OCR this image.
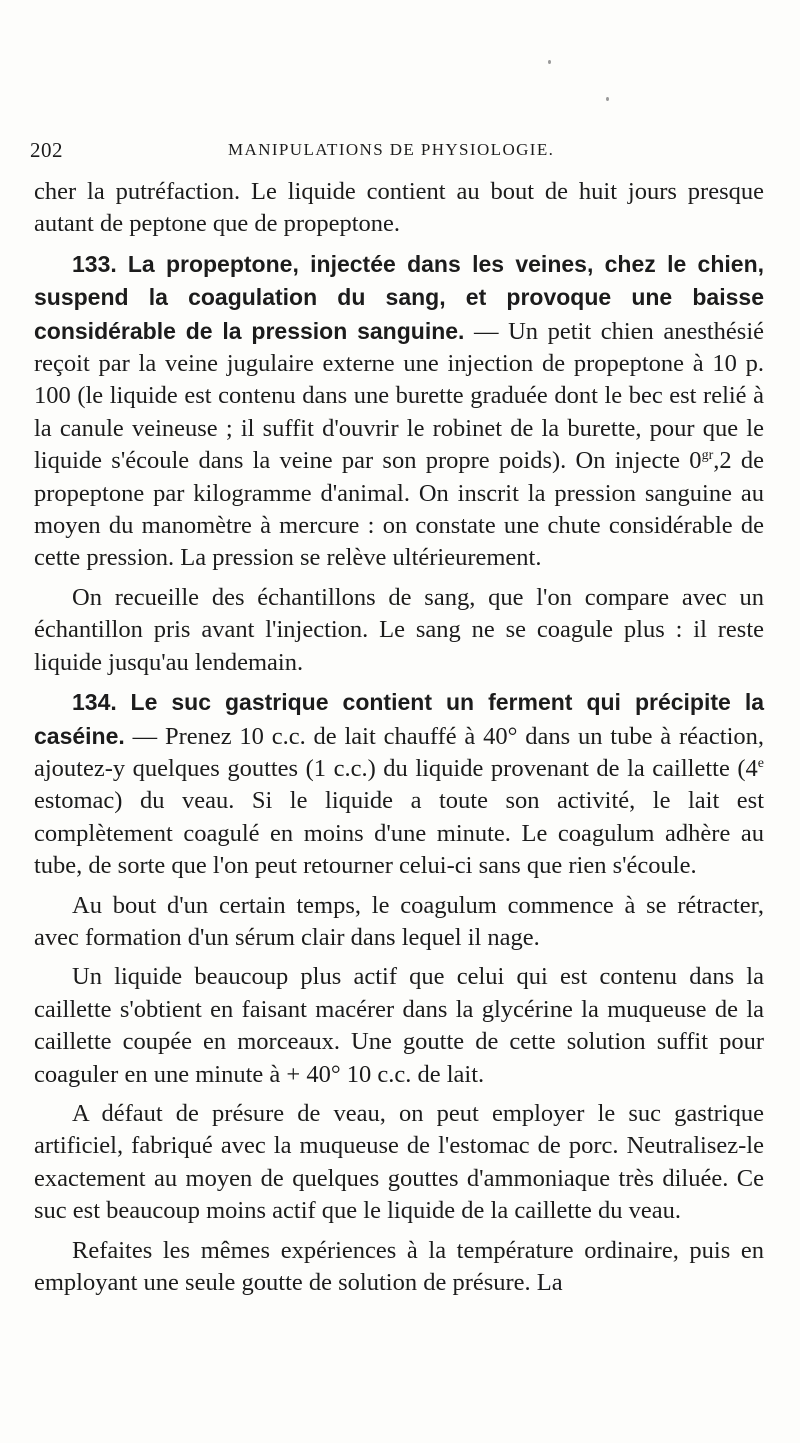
202	MANIPULATIONS DE PHYSIOLOGIE.

cher la putréfaction. Le liquide contient au bout de huit jours presque autant de peptone que de propeptone.

133. La propeptone, injectée dans les veines, chez le chien, suspend la coagulation du sang, et provoque une baisse considérable de la pression sanguine. — Un petit chien anesthésié reçoit par la veine jugulaire externe une injection de propeptone à 10 p. 100 (le liquide est contenu dans une burette graduée dont le bec est relié à la canule veineuse ; il suffit d'ouvrir le robinet de la burette, pour que le liquide s'écoule dans la veine par son propre poids). On injecte $0^{gr},2$ de propeptone par kilogramme d'animal. On inscrit la pression sanguine au moyen du manomètre à mercure : on constate une chute considérable de cette pression. La pression se relève ultérieurement.

On recueille des échantillons de sang, que l'on compare avec un échantillon pris avant l'injection. Le sang ne se coagule plus : il reste liquide jusqu'au lendemain.

134. Le suc gastrique contient un ferment qui précipite la caséine. — Prenez 10 c.c. de lait chauffé à 40° dans un tube à réaction, ajoutez-y quelques gouttes (1 c.c.) du liquide provenant de la caillette (4e estomac) du veau. Si le liquide a toute son activité, le lait est complètement coagulé en moins d'une minute. Le coagulum adhère au tube, de sorte que l'on peut retourner celui-ci sans que rien s'écoule.

Au bout d'un certain temps, le coagulum commence à se rétracter, avec formation d'un sérum clair dans lequel il nage.

Un liquide beaucoup plus actif que celui qui est contenu dans la caillette s'obtient en faisant macérer dans la glycérine la muqueuse de la caillette coupée en morceaux. Une goutte de cette solution suffit pour coaguler en une minute à + 40° 10 c.c. de lait.

A défaut de présure de veau, on peut employer le suc gastrique artificiel, fabriqué avec la muqueuse de l'estomac de porc. Neutralisez-le exactement au moyen de quelques gouttes d'ammoniaque très diluée. Ce suc est beaucoup moins actif que le liquide de la caillette du veau.

Refaites les mêmes expériences à la température ordinaire, puis en employant une seule goutte de solution de présure. La
